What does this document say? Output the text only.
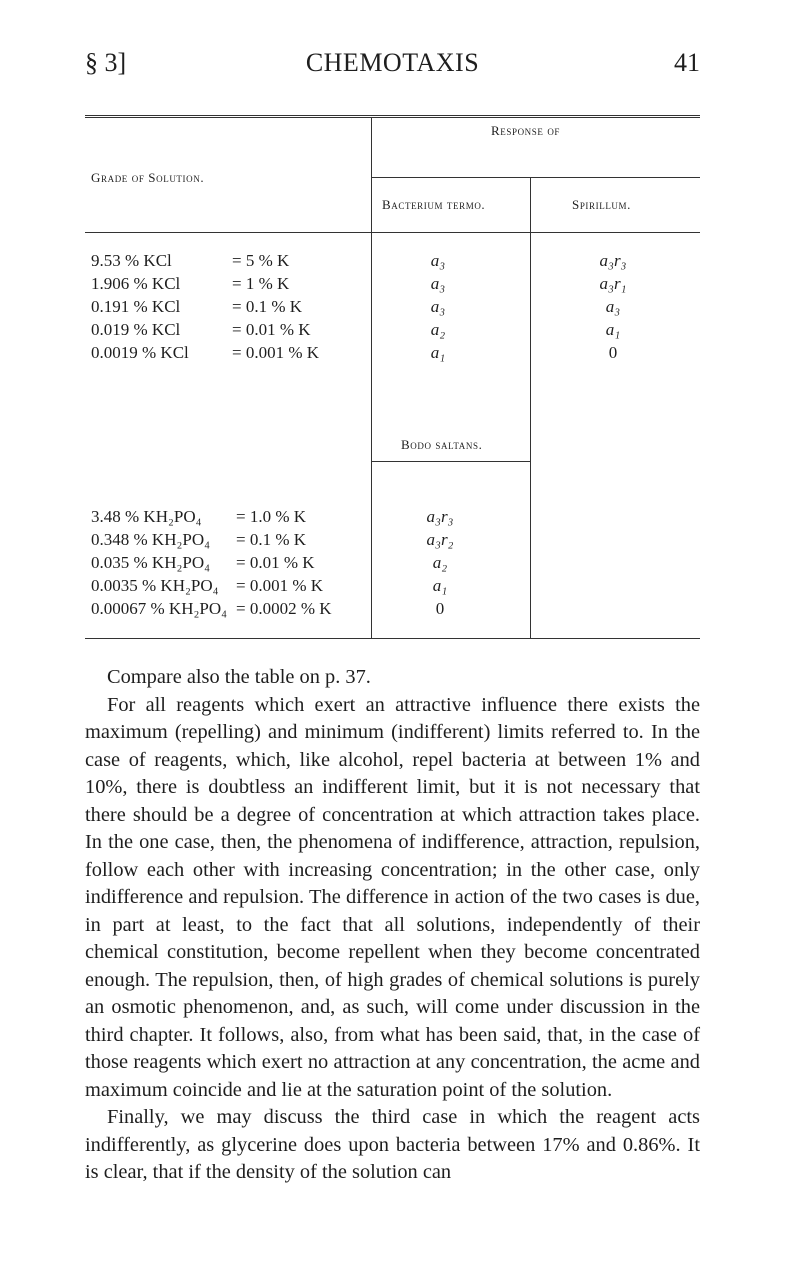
§ 3]	CHEMOTAXIS	41
Grade of Solution.
Response of
Bacterium termo.	Spirillum.
Bodo saltans.
9.53 % KCl	= 5 % K	a₃	a₃r₃
1.906 % KCl	= 1 % K	a₃	a₃r₁
0.191 % KCl	= 0.1 % K	a₃	a₃
0.019 % KCl	= 0.01 % K	a₂	a₁
0.0019 % KCl	= 0.001 % K	a₁	0
3.48 % KH₂PO₄ = 1.0 % K	a₃r₃
0.348 % KH₂PO₄ = 0.1 % K	a₃r₂
0.035 % KH₂PO₄ = 0.01 % K	a₂
0.0035 % KH₂PO₄ = 0.001 % K	a₁
0.00067 % KH₂PO₄ = 0.0002 % K	0

Compare also the table on p. 37.

For all reagents which exert an attractive influence there exists the maximum (repelling) and minimum (indifferent) limits referred to. In the case of reagents, which, like alcohol, repel bacteria at between 1% and 10%, there is doubtless an indifferent limit, but it is not necessary that there should be a degree of concentration at which attraction takes place. In the one case, then, the phenomena of indifference, attraction, repulsion, follow each other with increasing concentration; in the other case, only indifference and repulsion. The difference in action of the two cases is due, in part at least, to the fact that all solutions, independently of their chemical constitution, become repellent when they become concentrated enough. The repulsion, then, of high grades of chemical solutions is purely an osmotic phenomenon, and, as such, will come under discussion in the third chapter. It follows, also, from what has been said, that, in the case of those reagents which exert no attraction at any concentration, the acme and maximum coincide and lie at the saturation point of the solution.

Finally, we may discuss the third case in which the reagent acts indifferently, as glycerine does upon bacteria between 17% and 0.86%. It is clear, that if the density of the solution can
